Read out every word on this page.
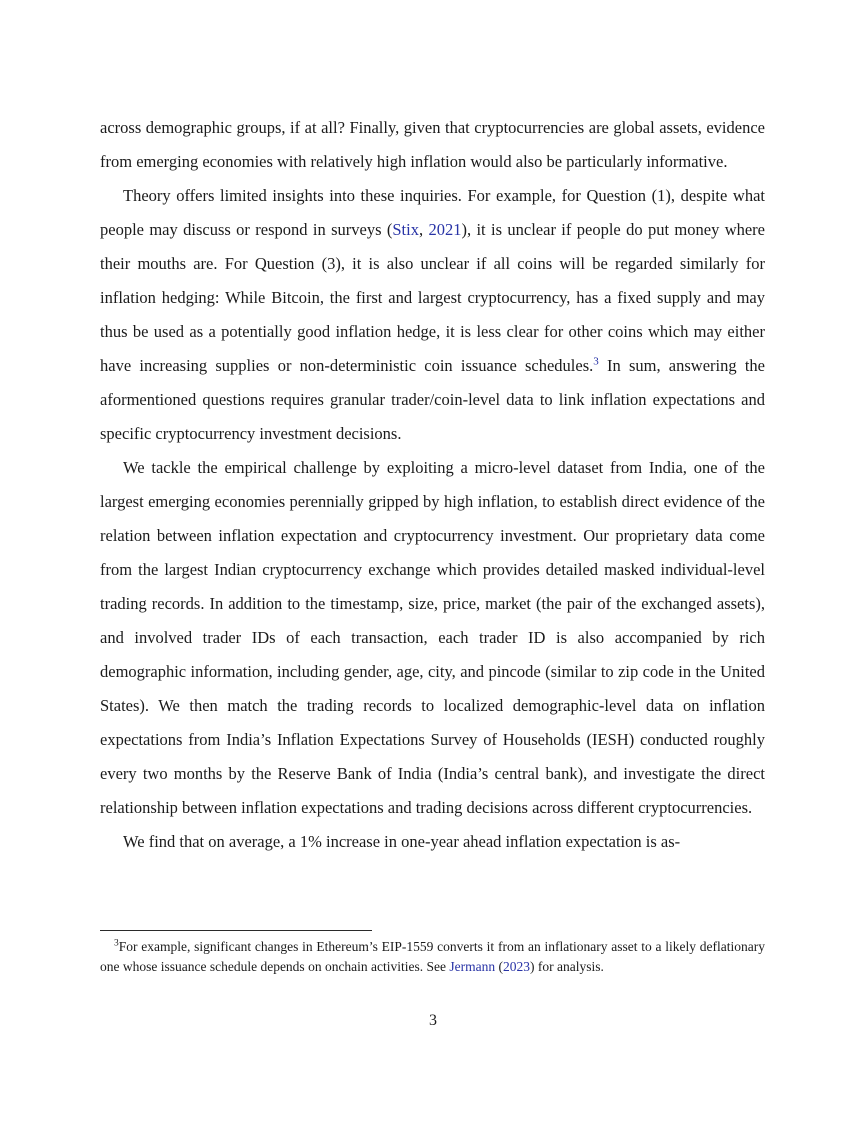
across demographic groups, if at all? Finally, given that cryptocurrencies are global assets, evidence from emerging economies with relatively high inflation would also be particularly informative.

Theory offers limited insights into these inquiries. For example, for Question (1), despite what people may discuss or respond in surveys (Stix, 2021), it is unclear if people do put money where their mouths are. For Question (3), it is also unclear if all coins will be regarded similarly for inflation hedging: While Bitcoin, the first and largest cryptocurrency, has a fixed supply and may thus be used as a potentially good inflation hedge, it is less clear for other coins which may either have increasing supplies or non-deterministic coin issuance schedules.$^3$ In sum, answering the aformentioned questions requires granular trader/coin-level data to link inflation expectations and specific cryptocurrency investment decisions.

We tackle the empirical challenge by exploiting a micro-level dataset from India, one of the largest emerging economies perennially gripped by high inflation, to establish direct evidence of the relation between inflation expectation and cryptocurrency investment. Our proprietary data come from the largest Indian cryptocurrency exchange which provides detailed masked individual-level trading records. In addition to the timestamp, size, price, market (the pair of the exchanged assets), and involved trader IDs of each transaction, each trader ID is also accompanied by rich demographic information, including gender, age, city, and pincode (similar to zip code in the United States). We then match the trading records to localized demographic-level data on inflation expectations from India’s Inflation Expectations Survey of Households (IESH) conducted roughly every two months by the Reserve Bank of India (India’s central bank), and investigate the direct relationship between inflation expectations and trading decisions across different cryptocurrencies.

We find that on average, a 1% increase in one-year ahead inflation expectation is as-

$^3$For example, significant changes in Ethereum’s EIP-1559 converts it from an inflationary asset to a likely deflationary one whose issuance schedule depends on onchain activities. See Jermann (2023) for analysis.
3
